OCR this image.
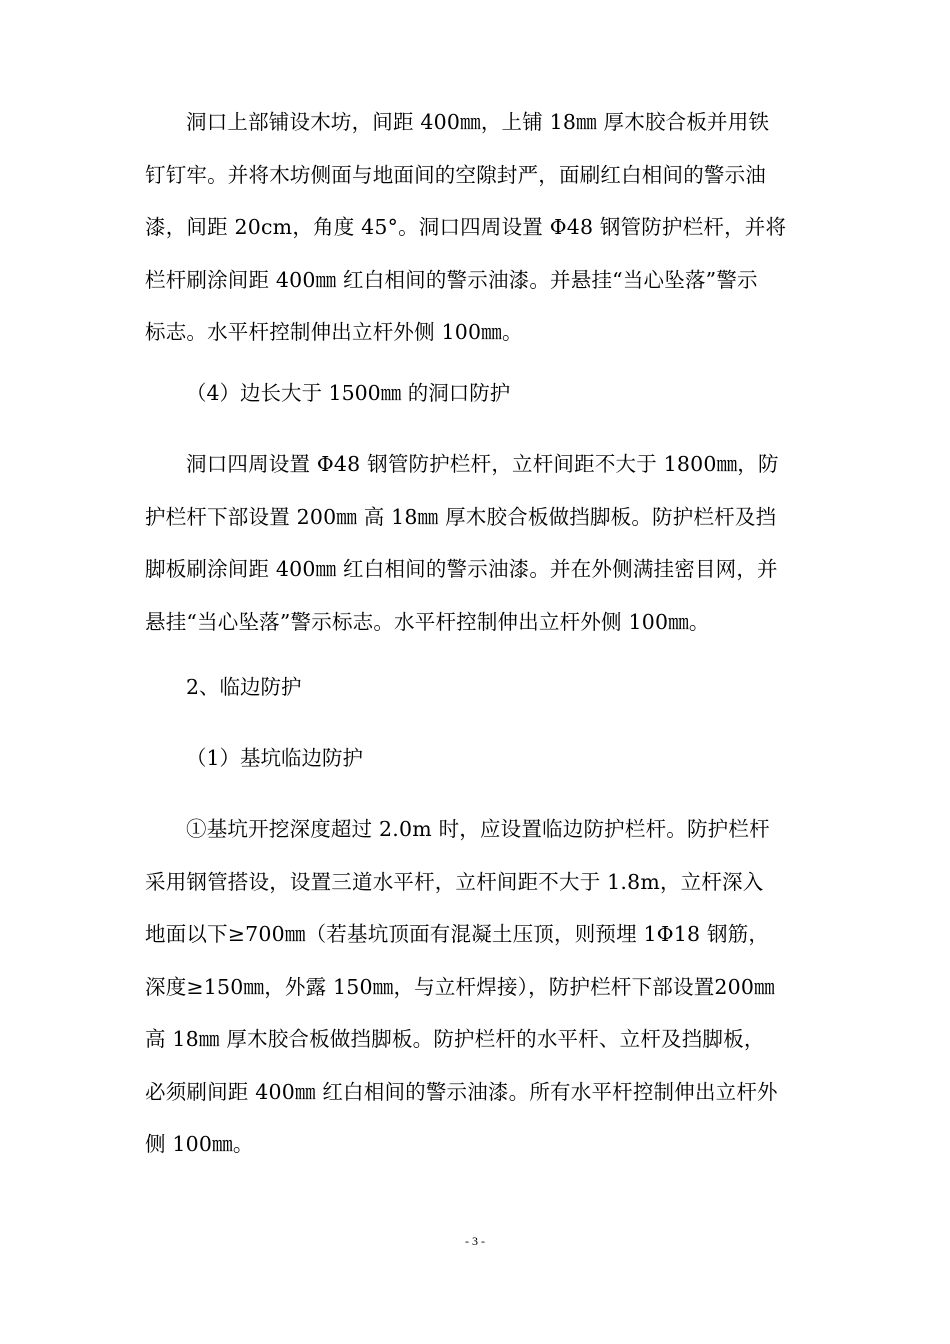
洞口上部铺设木坊，间距 400㎜，上铺 18㎜ 厚木胶合板并用铁
钉钉牢。并将木坊侧面与地面间的空隙封严，面刷红白相间的警示油
漆，间距 20cm，角度 45°。洞口四周设置 Φ48 钢管防护栏杆，并将
栏杆刷涂间距 400㎜ 红白相间的警示油漆。并悬挂“当心坠落”警示
标志。水平杆控制伸出立杆外侧 100㎜。
（4）边长大于 1500㎜ 的洞口防护
洞口四周设置 Φ48 钢管防护栏杆，立杆间距不大于 1800㎜，防
护栏杆下部设置 200㎜ 高 18㎜ 厚木胶合板做挡脚板。防护栏杆及挡
脚板刷涂间距 400㎜ 红白相间的警示油漆。并在外侧满挂密目网，并
悬挂“当心坠落”警示标志。水平杆控制伸出立杆外侧 100㎜。
2、临边防护
（1）基坑临边防护
①基坑开挖深度超过 2.0m 时，应设置临边防护栏杆。防护栏杆
采用钢管搭设，设置三道水平杆，立杆间距不大于 1.8m，立杆深入
地面以下≥700㎜（若基坑顶面有混凝土压顶，则预埋 1Φ18 钢筋，
深度≥150㎜，外露 150㎜，与立杆焊接），防护栏杆下部设置200㎜
高 18㎜ 厚木胶合板做挡脚板。防护栏杆的水平杆、立杆及挡脚板，
必须刷间距 400㎜ 红白相间的警示油漆。所有水平杆控制伸出立杆外
侧 100㎜。
- 3 -
